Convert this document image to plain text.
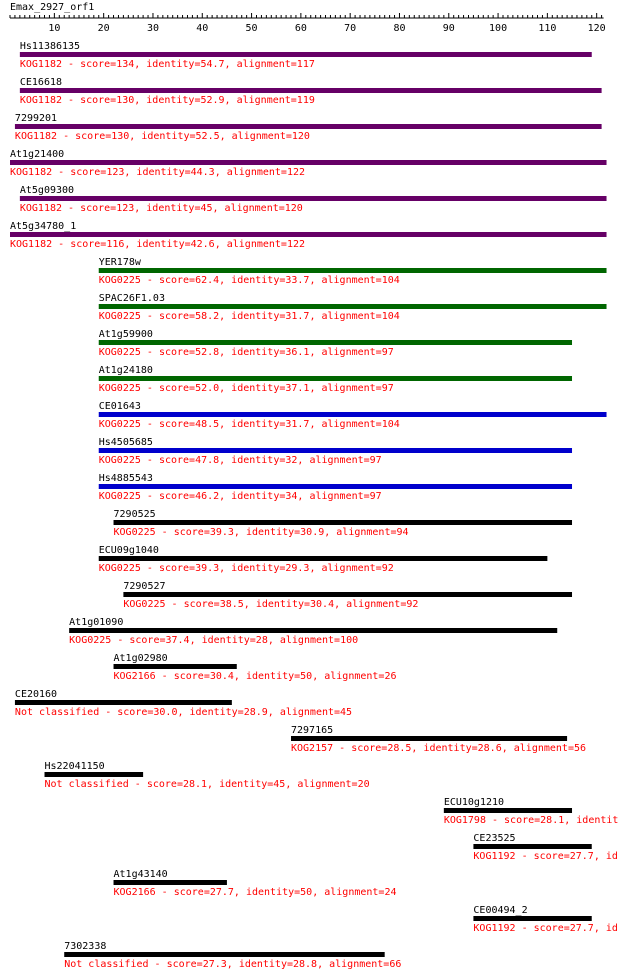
Emax_2927_orf1
10	20	30	40	50	60	70	80	90	100	110	120
Hs11386135
KOG1182 - score=134, identity=54.7, alignment=117
CE16618
KOG1182 - score=130, identity=52.9, alignment=119
7299201
KOG1182 - score=130, identity=52.5, alignment=120
At1g21400
KOG1182 - score=123, identity=44.3, alignment=122
At5g09300
KOG1182 - score=123, identity=45, alignment=120
At5g34780_1
KOG1182 - score=116, identity=42.6, alignment=122
YER178w
KOG0225 - score=62.4, identity=33.7, alignment=104
SPAC26F1.03
KOG0225 - score=58.2, identity=31.7, alignment=104
At1g59900
KOG0225 - score=52.8, identity=36.1, alignment=97
At1g24180
KOG0225 - score=52.0, identity=37.1, alignment=97
CE01643
KOG0225 - score=48.5, identity=31.7, alignment=104
Hs4505685
KOG0225 - score=47.8, identity=32, alignment=97
Hs4885543
KOG0225 - score=46.2, identity=34, alignment=97
7290525
KOG0225 - score=39.3, identity=30.9, alignment=94
ECU09g1040
KOG0225 - score=39.3, identity=29.3, alignment=92
7290527
KOG0225 - score=38.5, identity=30.4, alignment=92
At1g01090
KOG0225 - score=37.4, identity=28, alignment=100
At1g02980
KOG2166 - score=30.4, identity=50, alignment=26
CE20160
Not classified - score=30.0, identity=28.9, alignment=45
7297165
KOG2157 - score=28.5, identity=28.6, alignment=56
Hs22041150
Not classified - score=28.1, identity=45, alignment=20
ECU10g1210
KOG1798 - score=28.1, identit
CE23525
KOG1192 - score=27.7, id
At1g43140
KOG2166 - score=27.7, identity=50, alignment=24
CE00494_2
KOG1192 - score=27.7, id
7302338
Not classified - score=27.3, identity=28.8, alignment=66
